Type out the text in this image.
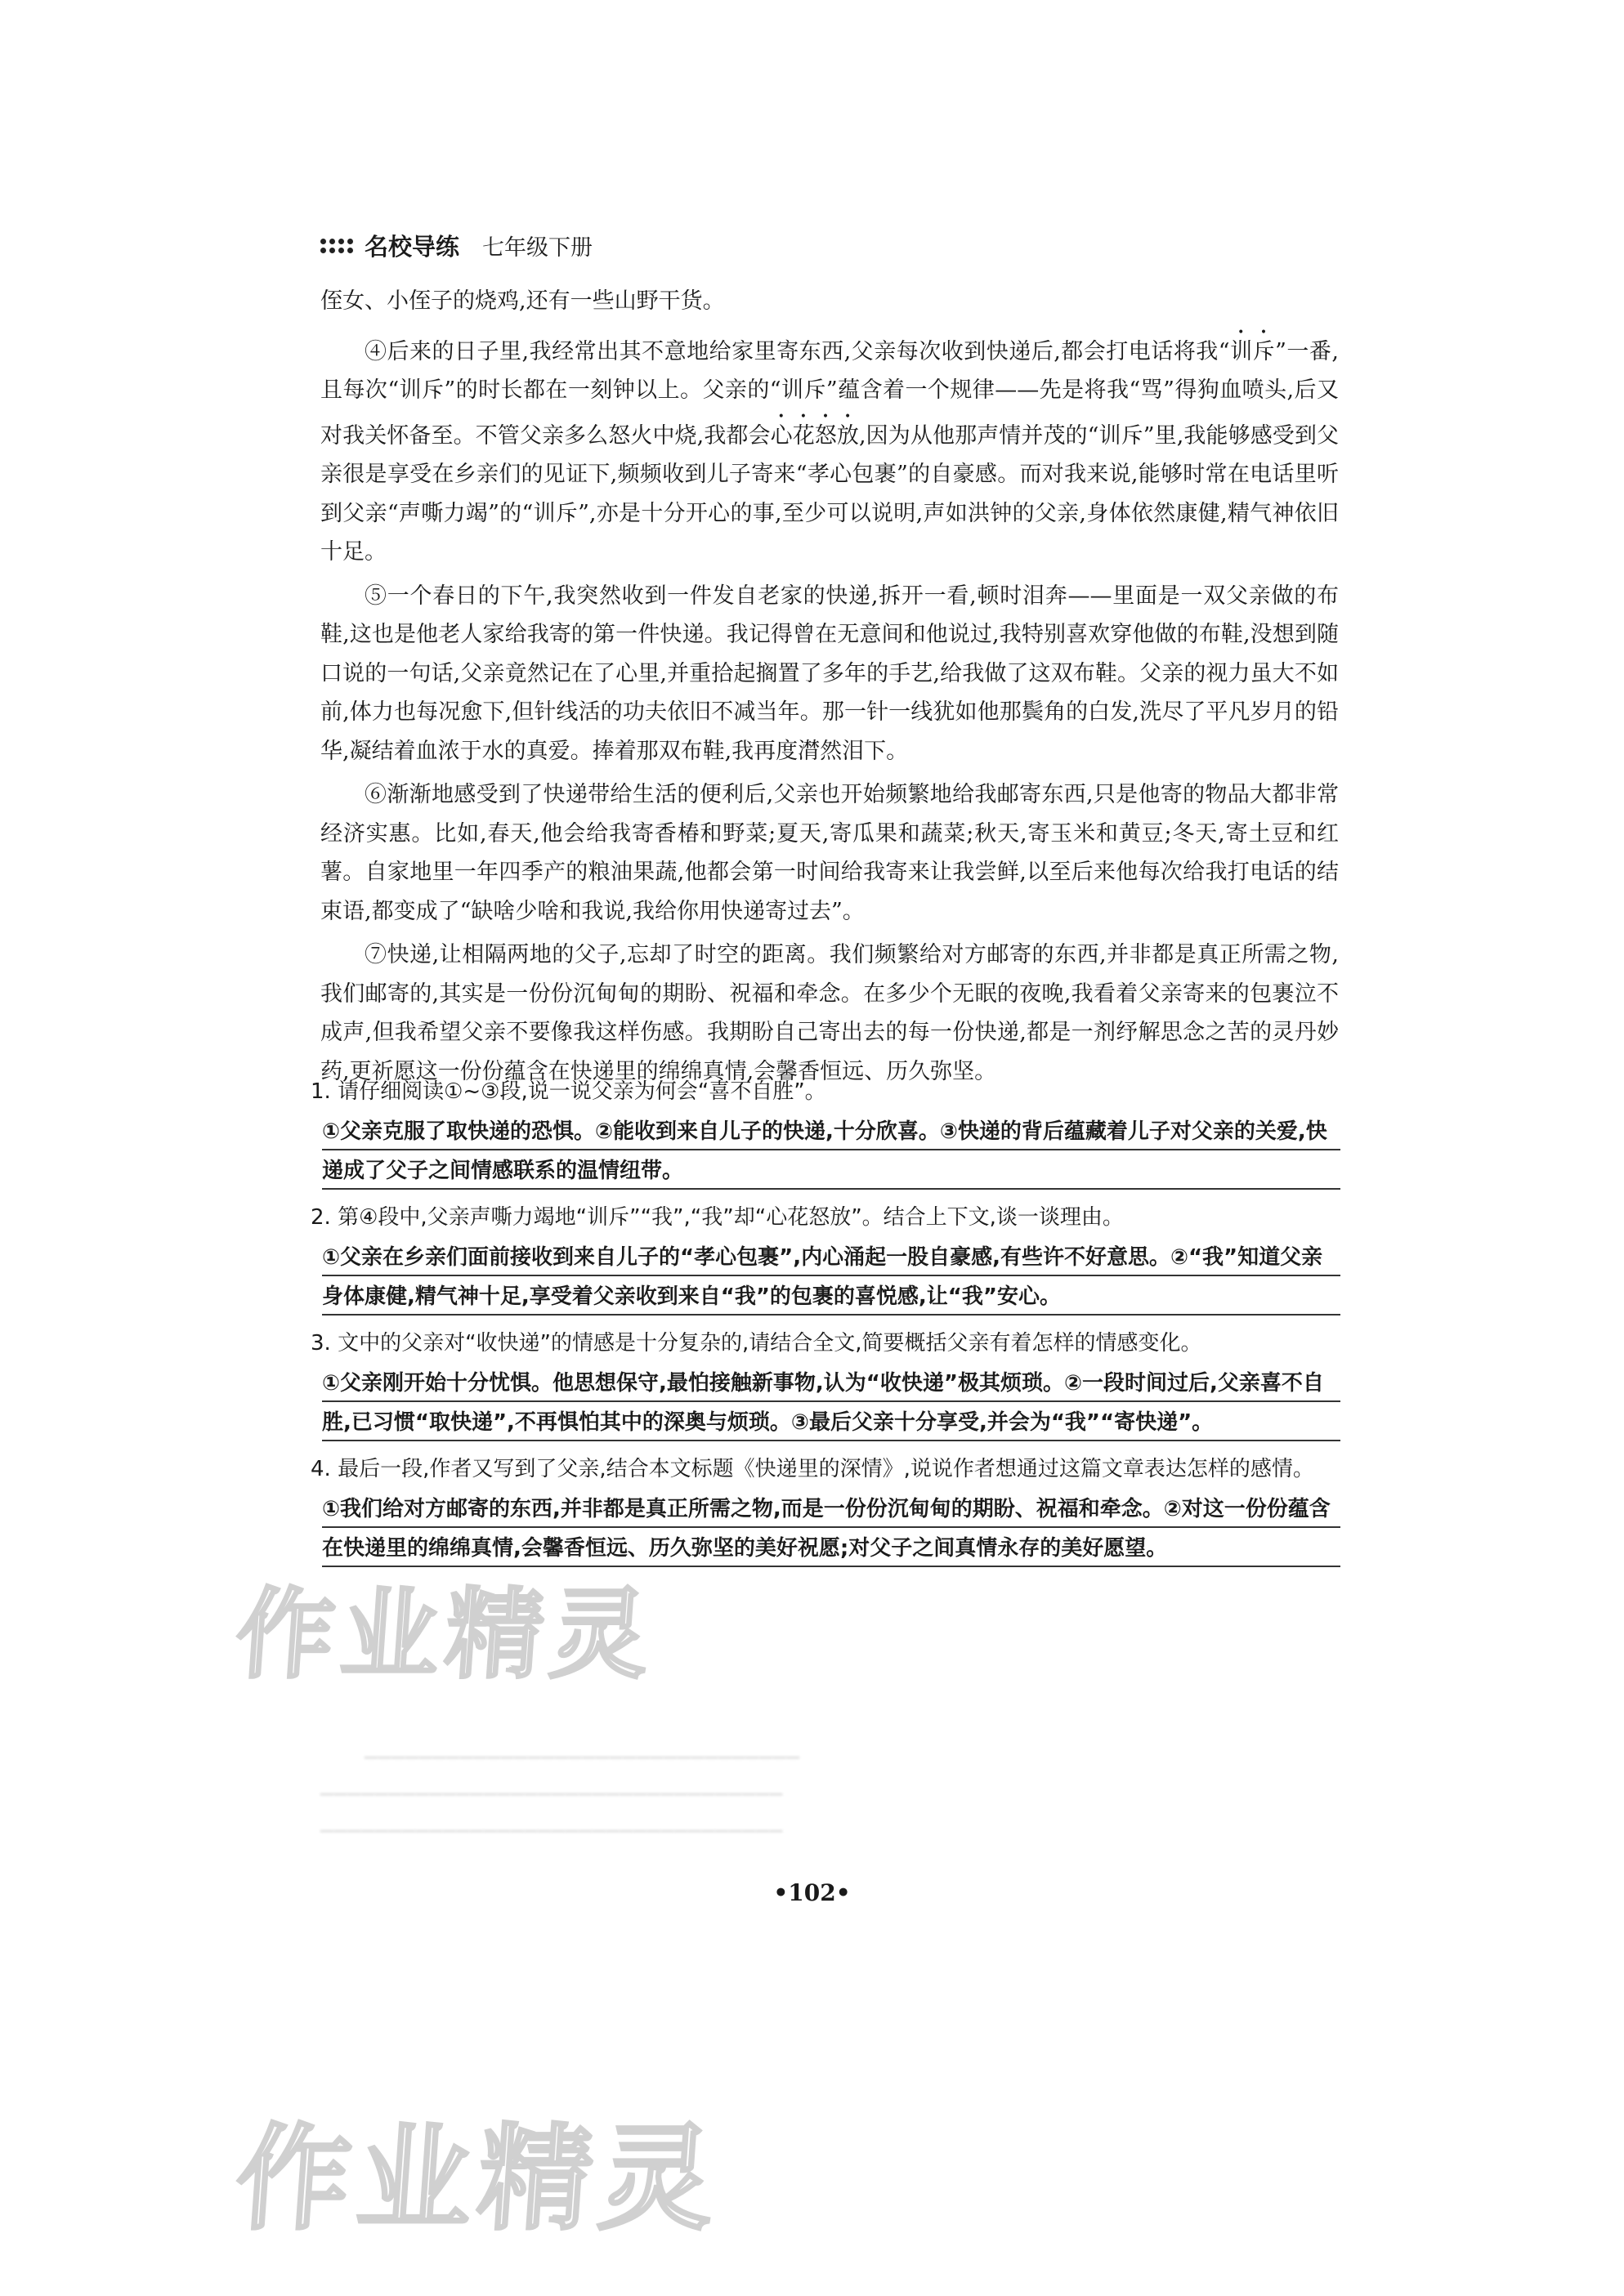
名校导练 七年级下册

侄女、小侄子的烧鸡,还有一些山野干货。

④后来的日子里,我经常出其不意地给家里寄东西,父亲每次收到快递后,都会打电话将我“训斥”一番,且每次“训斥”的时长都在一刻钟以上。父亲的“训斥”蕴含着一个规律——先是将我“骂”得狗血喷头,后又对我关怀备至。不管父亲多么怒火中烧,我都会心花怒放,因为从他那声情并茂的“训斥”里,我能够感受到父亲很是享受在乡亲们的见证下,频频收到儿子寄来“孝心包裹”的自豪感。而对我来说,能够时常在电话里听到父亲“声嘶力竭”的“训斥”,亦是十分开心的事,至少可以说明,声如洪钟的父亲,身体依然康健,精气神依旧十足。

⑤一个春日的下午,我突然收到一件发自老家的快递,拆开一看,顿时泪奔——里面是一双父亲做的布鞋,这也是他老人家给我寄的第一件快递。我记得曾在无意间和他说过,我特别喜欢穿他做的布鞋,没想到随口说的一句话,父亲竟然记在了心里,并重拾起搁置了多年的手艺,给我做了这双布鞋。父亲的视力虽大不如前,体力也每况愈下,但针线活的功夫依旧不减当年。那一针一线犹如他那鬓角的白发,洗尽了平凡岁月的铅华,凝结着血浓于水的真爱。捧着那双布鞋,我再度潸然泪下。

⑥渐渐地感受到了快递带给生活的便利后,父亲也开始频繁地给我邮寄东西,只是他寄的物品大都非常经济实惠。比如,春天,他会给我寄香椿和野菜;夏天,寄瓜果和蔬菜;秋天,寄玉米和黄豆;冬天,寄土豆和红薯。自家地里一年四季产的粮油果蔬,他都会第一时间给我寄来让我尝鲜,以至后来他每次给我打电话的结束语,都变成了“缺啥少啥和我说,我给你用快递寄过去”。

⑦快递,让相隔两地的父子,忘却了时空的距离。我们频繁给对方邮寄的东西,并非都是真正所需之物,我们邮寄的,其实是一份份沉甸甸的期盼、祝福和牵念。在多少个无眠的夜晚,我看着父亲寄来的包裹泣不成声,但我希望父亲不要像我这样伤感。我期盼自己寄出去的每一份快递,都是一剂纾解思念之苦的灵丹妙药,更祈愿这一份份蕴含在快递里的绵绵真情,会馨香恒远、历久弥坚。

1. 请仔细阅读①~③段,说一说父亲为何会“喜不自胜”。

①父亲克服了取快递的恐惧。②能收到来自儿子的快递,十分欣喜。③快递的背后蕴藏着儿子对父亲的关爱,快递成了父子之间情感联系的温情纽带。

2. 第④段中,父亲声嘶力竭地“训斥”“我”,“我”却“心花怒放”。结合上下文,谈一谈理由。

①父亲在乡亲们面前接收到来自儿子的“孝心包裹”,内心涌起一股自豪感,有些许不好意思。②“我”知道父亲身体康健,精气神十足,享受着父亲收到来自“我”的包裹的喜悦感,让“我”安心。

3. 文中的父亲对“收快递”的情感是十分复杂的,请结合全文,简要概括父亲有着怎样的情感变化。

①父亲刚开始十分忧惧。他思想保守,最怕接触新事物,认为“收快递”极其烦琐。②一段时间过后,父亲喜不自胜,已习惯“取快递”,不再惧怕其中的深奥与烦琐。③最后父亲十分享受,并会为“我”“寄快递”。

4. 最后一段,作者又写到了父亲,结合本文标题《快递里的深情》,说说作者想通过这篇文章表达怎样的感情。

①我们给对方邮寄的东西,并非都是真正所需之物,而是一份份沉甸甸的期盼、祝福和牵念。②对这一份份蕴含在快递里的绵绵真情,会馨香恒远、历久弥坚的美好祝愿;对父子之间真情永存的美好愿望。

　　────────────────────────────────

──────────────────────────────────

──────────────────────────────────

•102•
作业精灵
作业精灵
